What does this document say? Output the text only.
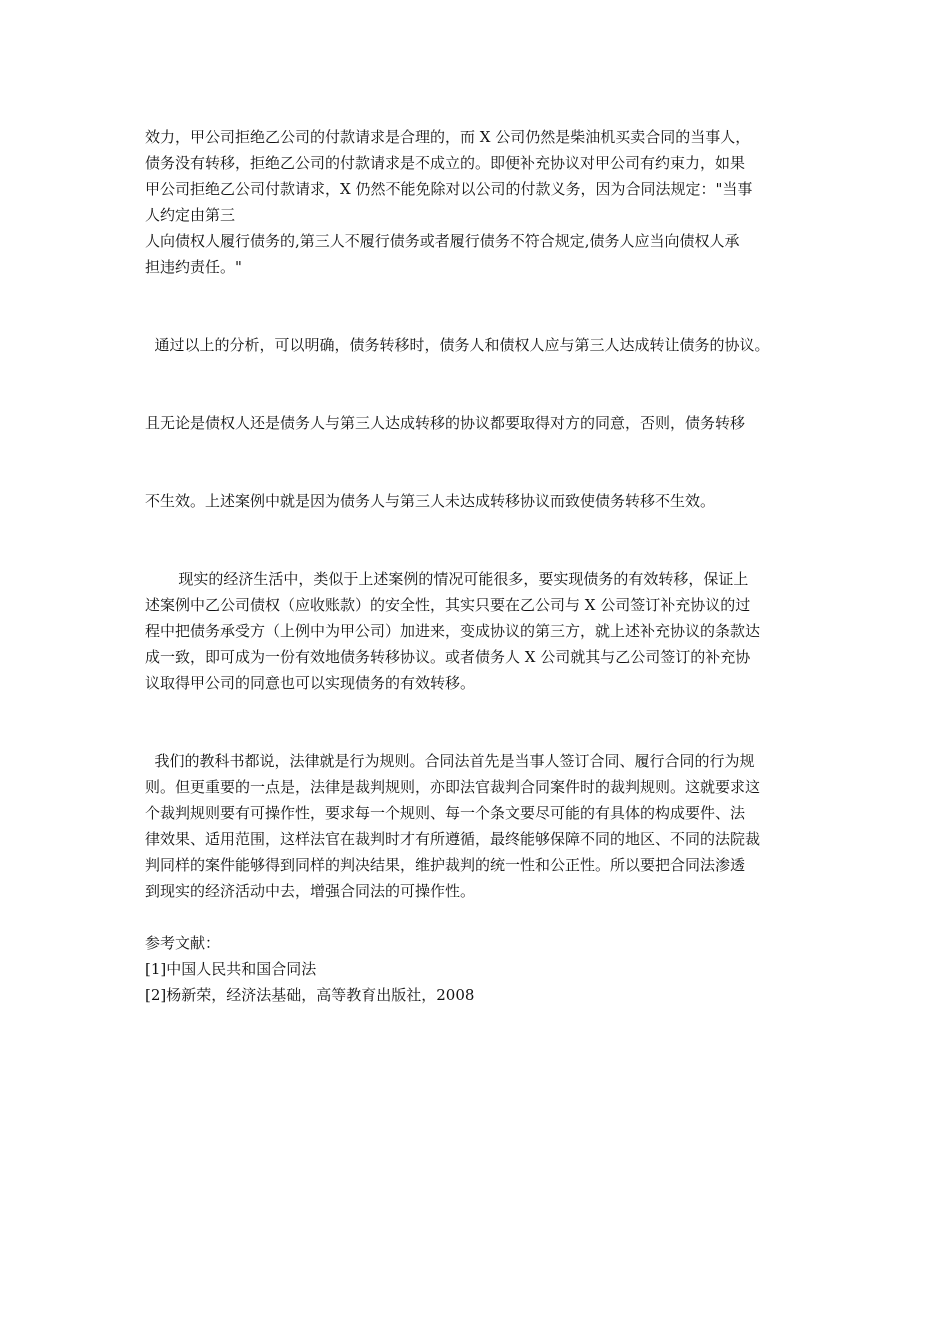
效力，甲公司拒绝乙公司的付款请求是合理的，而 X 公司仍然是柴油机买卖合同的当事人，
债务没有转移，拒绝乙公司的付款请求是不成立的。即便补充协议对甲公司有约束力，如果
甲公司拒绝乙公司付款请求，X 仍然不能免除对以公司的付款义务，因为合同法规定："当事
人约定由第三
人向债权人履行债务的,第三人不履行债务或者履行债务不符合规定,债务人应当向债权人承
担违约责任。"

通过以上的分析，可以明确，债务转移时，债务人和债权人应与第三人达成转让债务的协议。

且无论是债权人还是债务人与第三人达成转移的协议都要取得对方的同意，否则，债务转移

不生效。上述案例中就是因为债务人与第三人未达成转移协议而致使债务转移不生效。

现实的经济生活中，类似于上述案例的情况可能很多，要实现债务的有效转移，保证上
述案例中乙公司债权（应收账款）的安全性，其实只要在乙公司与 X 公司签订补充协议的过
程中把债务承受方（上例中为甲公司）加进来，变成协议的第三方，就上述补充协议的条款达
成一致，即可成为一份有效地债务转移协议。或者债务人 X 公司就其与乙公司签订的补充协
议取得甲公司的同意也可以实现债务的有效转移。
我们的教科书都说，法律就是行为规则。合同法首先是当事人签订合同、履行合同的行为规
则。但更重要的一点是，法律是裁判规则，亦即法官裁判合同案件时的裁判规则。这就要求这
个裁判规则要有可操作性，要求每一个规则、每一个条文要尽可能的有具体的构成要件、法
律效果、适用范围，这样法官在裁判时才有所遵循，最终能够保障不同的地区、不同的法院裁
判同样的案件能够得到同样的判决结果，维护裁判的统一性和公正性。所以要把合同法渗透
到现实的经济活动中去，增强合同法的可操作性。
参考文献：
[1]中国人民共和国合同法
[2]杨新荣，经济法基础，高等教育出版社，2008
